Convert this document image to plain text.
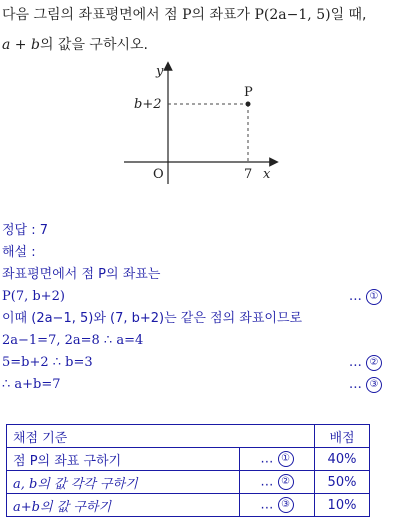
다음 그림의 좌표평면에서 점 P의 좌표가 P(2a−1, 5)일 때,
a + b의 값을 구하시오.
y
x
O	7
b+2
P
정답 : 7
해설 :
좌표평면에서 점 P의 좌표는
P(7, b+2)	… ①
이때 (2a−1, 5)와 (7, b+2)는 같은 점의 좌표이므로
2a−1=7, 2a=8 ∴ a=4
5=b+2 ∴ b=3	… ②
∴ a+b=7	… ③
채점 기준		배점
점 P의 좌표 구하기	… ①	40%
a, b의 값 각각 구하기	… ②	50%
a+b의 값 구하기	… ③	10%
